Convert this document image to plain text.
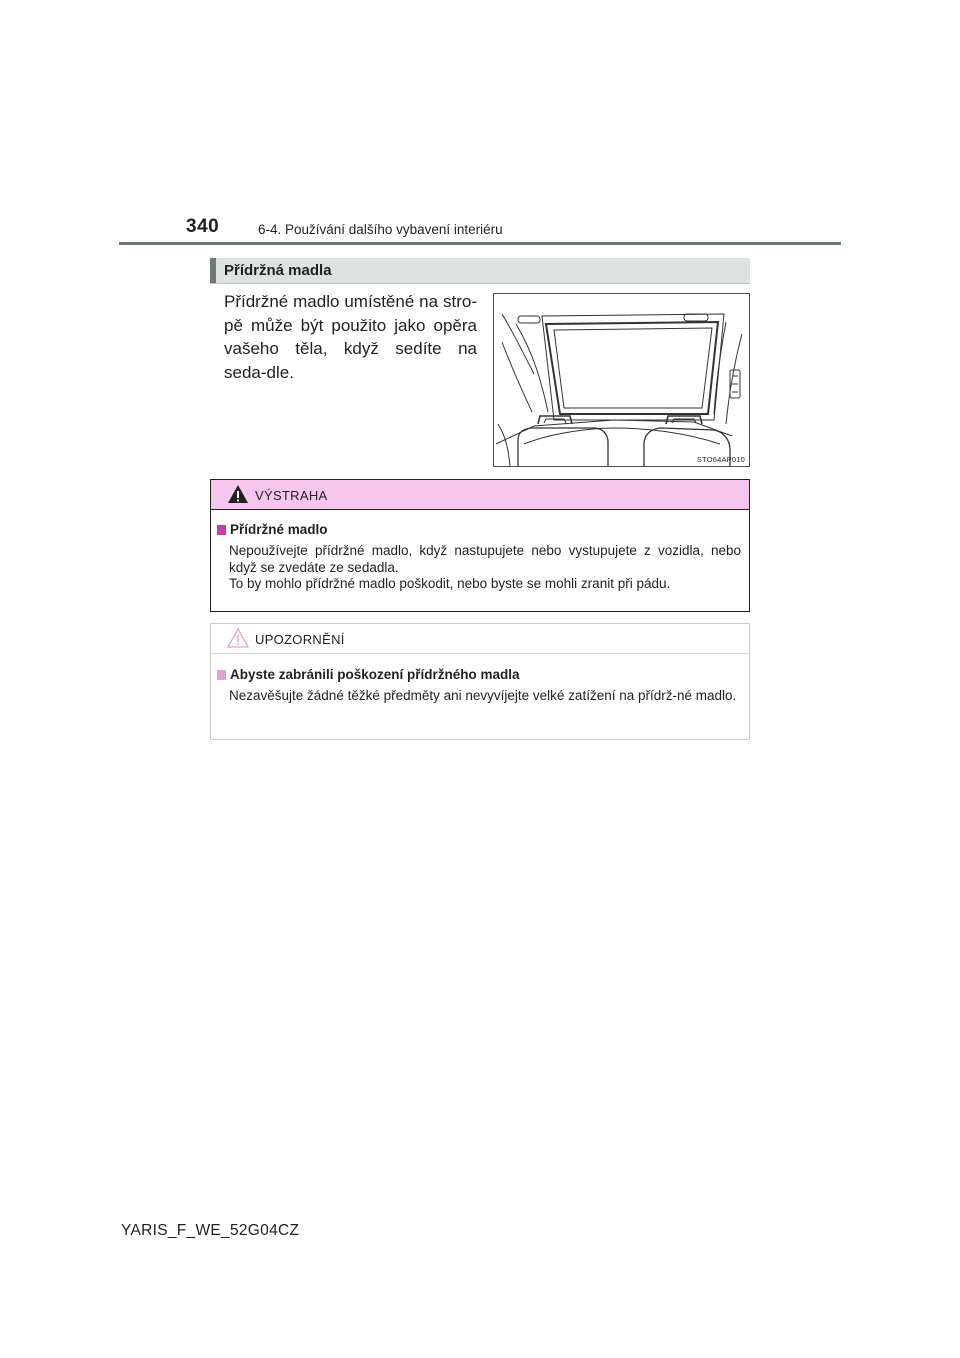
340	6-4. Používání dalšího vybavení interiéru
Přídržná madla
Přídržné madlo umístěné na stro-pě může být použito jako opěra vašeho těla, když sedíte na seda-dle.
STO64AP010
VÝSTRAHA
Přídržné madlo

Nepoužívejte přídržné madlo, když nastupujete nebo vystupujete z vozidla, nebo když se zvedáte ze sedadla.

To by mohlo přídržné madlo poškodit, nebo byste se mohli zranit při pádu.

UPOZORNĚNÍ
Abyste zabránili poškození přídržného madla

Nezavěšujte žádné těžké předměty ani nevyvíjejte velké zatížení na přídrž-né madlo.

YARIS_F_WE_52G04CZ
